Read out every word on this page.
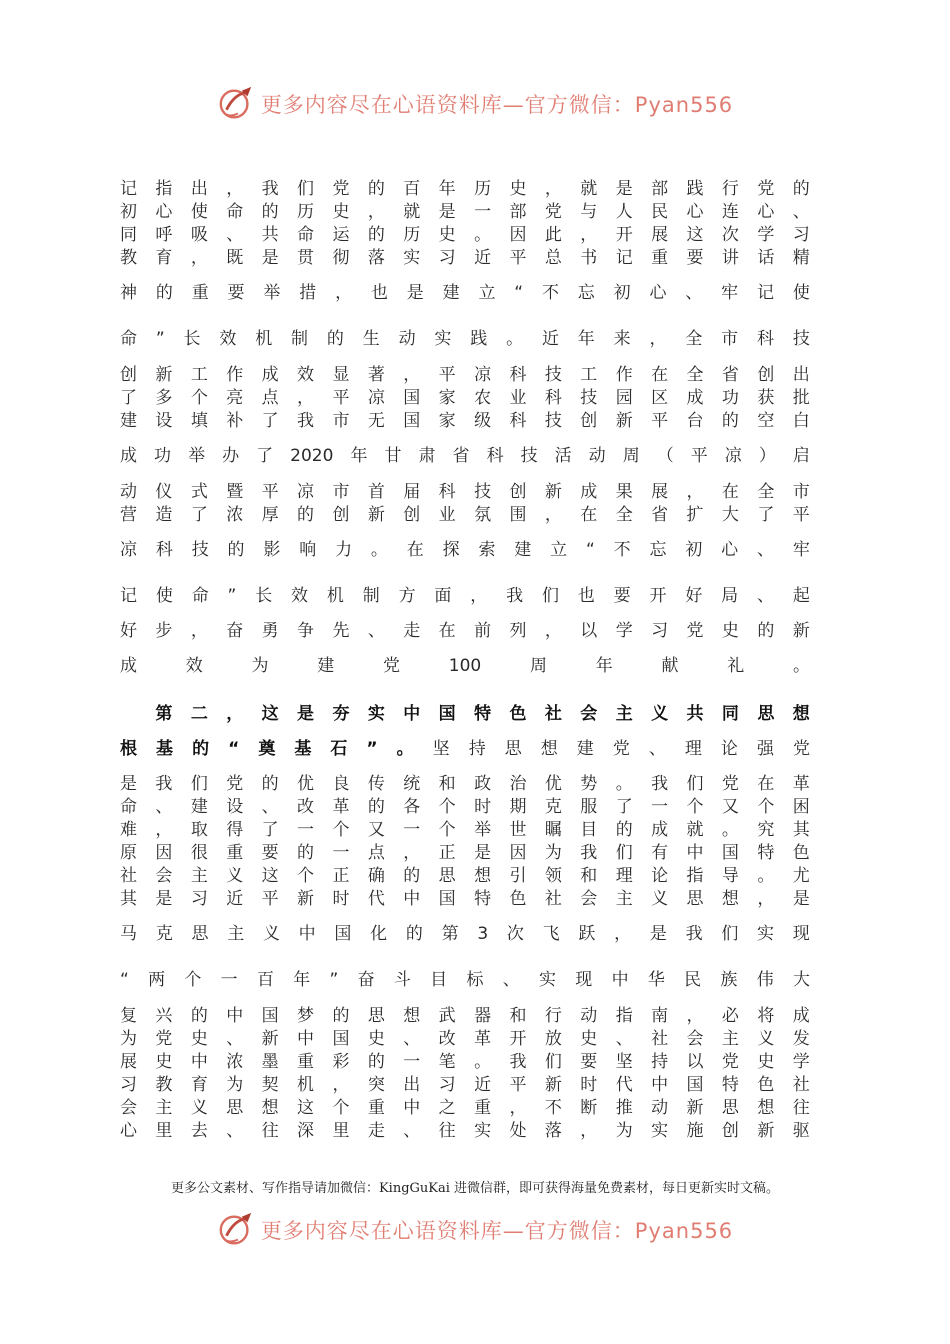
更多内容尽在心语资料库—官方微信：Pyan556
记 指 出 ， 我 们 党 的 百 年 历 史 ， 就 是 部 践 行 党 的
初 心 使 命 的 历 史 ， 就 是 一 部 党 与 人 民 心 连 心 、
同 呼 吸 、 共 命 运 的 历 史 。 因 此 ， 开 展 这 次 学 习
教 育 ， 既 是 贯 彻 落 实 习 近 平 总 书 记 重 要 讲 话 精
神 的 重 要 举 措 ， 也 是 建 立 “ 不 忘 初 心 、 牢 记 使
命 ” 长 效 机 制 的 生 动 实 践 。 近 年 来 ， 全 市 科 技
创 新 工 作 成 效 显 著 ， 平 凉 科 技 工 作 在 全 省 创 出
了 多 个 亮 点 ， 平 凉 国 家 农 业 科 技 园 区 成 功 获 批
建 设 填 补 了 我 市 无 国 家 级 科 技 创 新 平 台 的 空 白
成 功 举 办 了 2020 年 甘 肃 省 科 技 活 动 周 （ 平 凉 ） 启
动 仪 式 暨 平 凉 市 首 届 科 技 创 新 成 果 展 ， 在 全 市
营 造 了 浓 厚 的 创 新 创 业 氛 围 ， 在 全 省 扩 大 了 平
凉 科 技 的 影 响 力 。 在 探 索 建 立 “ 不 忘 初 心 、 牢
记 使 命 ” 长 效 机 制 方 面 ， 我 们 也 要 开 好 局 、 起
好 步 ， 奋 勇 争 先 、 走 在 前 列 ， 以 学 习 党 史 的 新
成	效	为	建	党	100	周	年	献	礼	。

第 二 ， 这 是 夯 实 中 国 特 色 社 会 主 义 共 同 思 想
根 基 的 “ 奠 基 石 ” 。 坚 持 思 想 建 党 、 理 论 强 党
是 我 们 党 的 优 良 传 统 和 政 治 优 势 。 我 们 党 在 革
命 、 建 设 、 改 革 的 各 个 时 期 克 服 了 一 个 又 个 困
难 ， 取 得 了 一 个 又 一 个 举 世 瞩 目 的 成 就 。 究 其
原 因 很 重 要 的 一 点 ， 正 是 因 为 我 们 有 中 国 特 色
社 会 主 义 这 个 正 确 的 思 想 引 领 和 理 论 指 导 。 尤
其 是 习 近 平 新 时 代 中 国 特 色 社 会 主 义 思 想 ， 是
马 克 思 主 义 中 国 化 的 第 3 次 飞 跃 ， 是 我 们 实 现
“ 两 个 一 百 年 ” 奋 斗 目 标 、 实 现 中 华 民 族 伟 大
复 兴 的 中 国 梦 的 思 想 武 器 和 行 动 指 南 ， 必 将 成
为 党 史 、 新 中 国 史 、 改 革 开 放 史 、 社 会 主 义 发
展 史 中 浓 墨 重 彩 的 一 笔 。 我 们 要 坚 持 以 党 史 学
习 教 育 为 契 机 ， 突 出 习 近 平 新 时 代 中 国 特 色 社
会 主 义 思 想 这 个 重 中 之 重 ， 不 断 推 动 新 思 想 往
心 里 去 、 往 深 里 走 、 往 实 处 落 ， 为 实 施 创 新 驱
更多公文素材、写作指导请加微信：KingGuKai 进微信群，即可获得海量免费素材，每日更新实时文稿。
更多内容尽在心语资料库—官方微信：Pyan556
